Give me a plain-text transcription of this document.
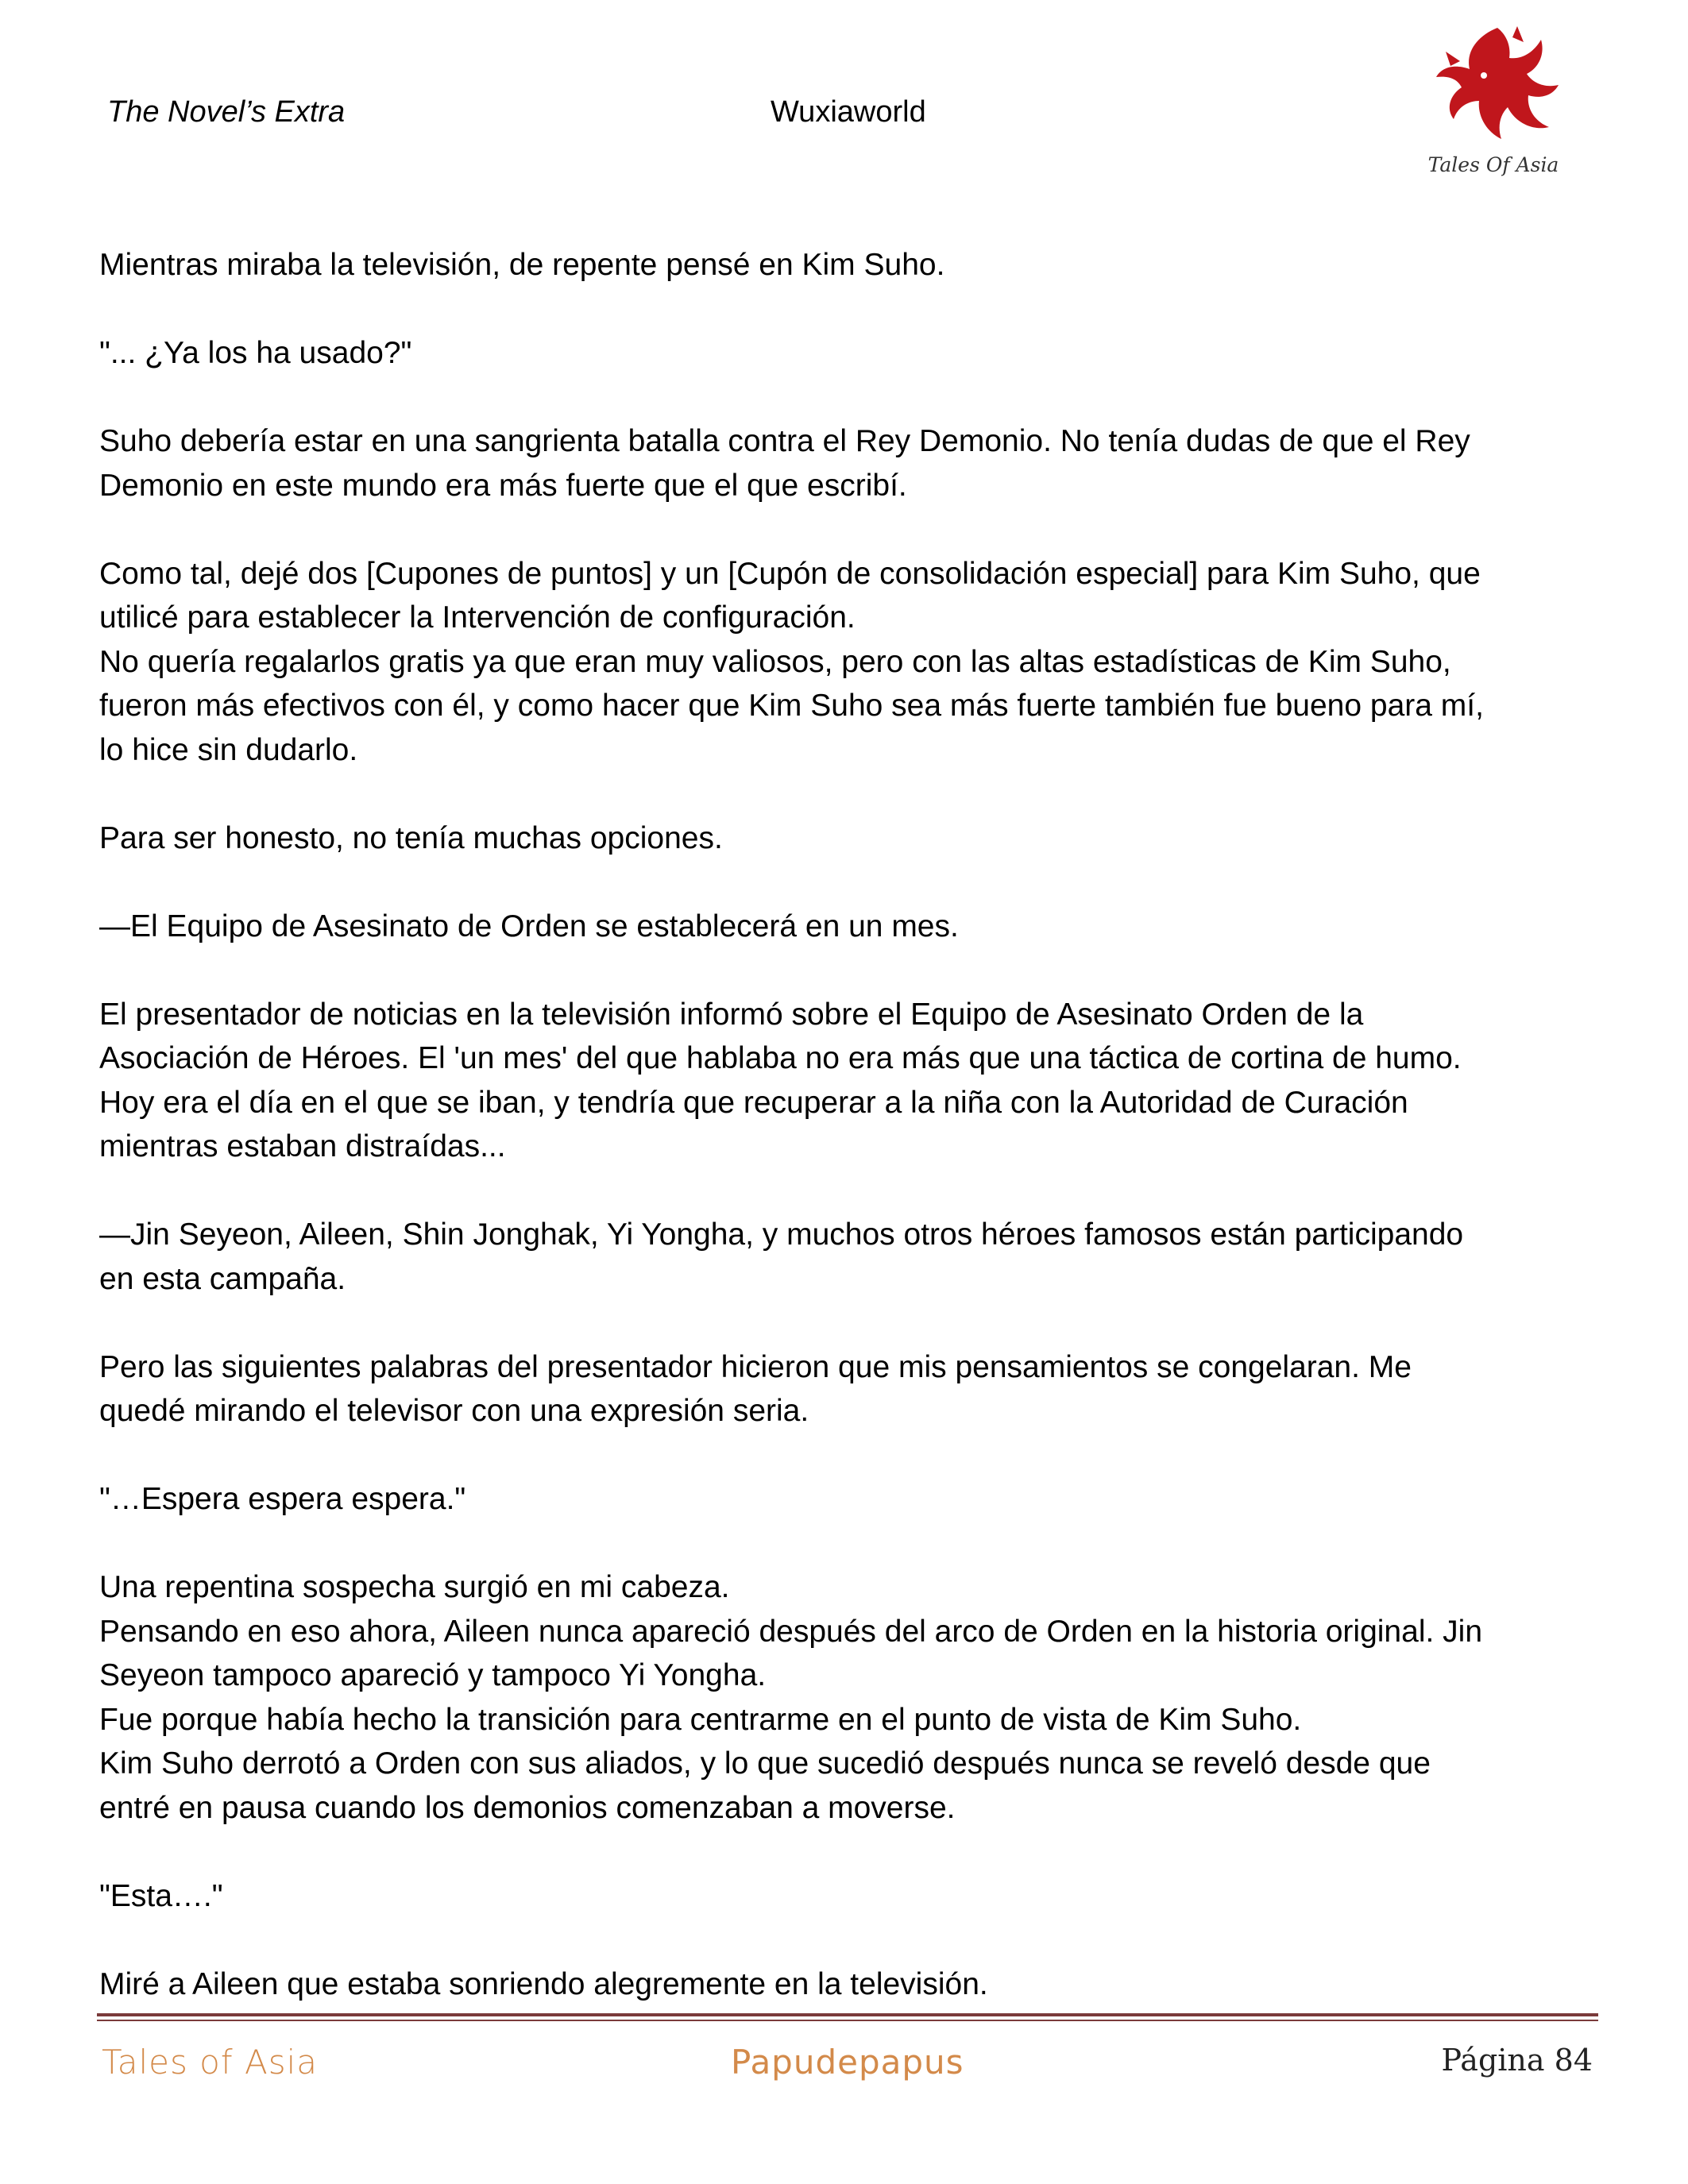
The Novel’s Extra	Wuxiaworld
Tales Of Asia

Mientras miraba la televisión, de repente pensé en Kim Suho.

"... ¿Ya los ha usado?"

Suho debería estar en una sangrienta batalla contra el Rey Demonio. No tenía dudas de que el Rey

Demonio en este mundo era más fuerte que el que escribí.

Como tal, dejé dos [Cupones de puntos] y un [Cupón de consolidación especial] para Kim Suho, que

utilicé para establecer la Intervención de configuración.

No quería regalarlos gratis ya que eran muy valiosos, pero con las altas estadísticas de Kim Suho,

fueron más efectivos con él, y como hacer que Kim Suho sea más fuerte también fue bueno para mí,

lo hice sin dudarlo.

Para ser honesto, no tenía muchas opciones.

—El Equipo de Asesinato de Orden se establecerá en un mes.

El presentador de noticias en la televisión informó sobre el Equipo de Asesinato Orden de la

Asociación de Héroes. El 'un mes' del que hablaba no era más que una táctica de cortina de humo.

Hoy era el día en el que se iban, y tendría que recuperar a la niña con la Autoridad de Curación

mientras estaban distraídas...

—Jin Seyeon, Aileen, Shin Jonghak, Yi Yongha, y muchos otros héroes famosos están participando

en esta campaña.

Pero las siguientes palabras del presentador hicieron que mis pensamientos se congelaran. Me

quedé mirando el televisor con una expresión seria.

"…Espera espera espera."

Una repentina sospecha surgió en mi cabeza.

Pensando en eso ahora, Aileen nunca apareció después del arco de Orden en la historia original. Jin

Seyeon tampoco apareció y tampoco Yi Yongha.

Fue porque había hecho la transición para centrarme en el punto de vista de Kim Suho.

Kim Suho derrotó a Orden con sus aliados, y lo que sucedió después nunca se reveló desde que

entré en pausa cuando los demonios comenzaban a moverse.

"Esta…."

Miré a Aileen que estaba sonriendo alegremente en la televisión.

Tales of Asia	Papudepapus	Página 84
